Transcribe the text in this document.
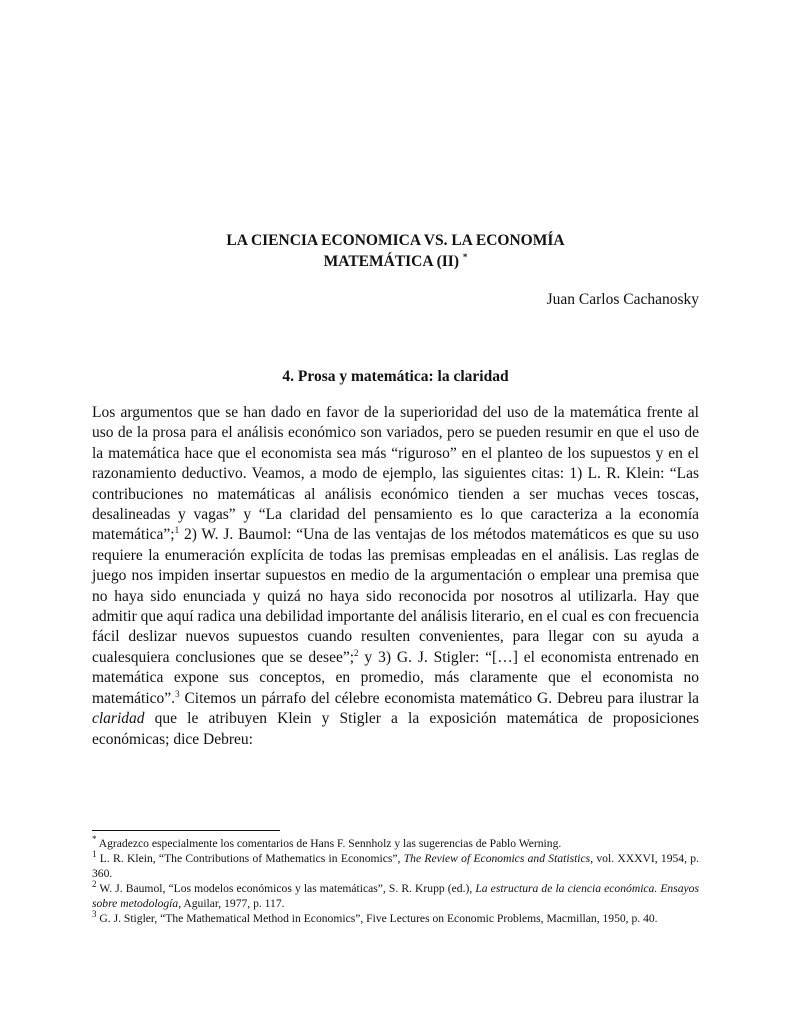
LA CIENCIA ECONOMICA VS. LA ECONOMÍA
MATEMÁTICA (II) *
Juan Carlos Cachanosky
4. Prosa y matemática: la claridad
Los argumentos que se han dado en favor de la superioridad del uso de la matemática frente al uso de la prosa para el análisis económico son variados, pero se pueden resumir en que el uso de la matemática hace que el economista sea más “riguroso” en el planteo de los supuestos y en el razonamiento deductivo. Veamos, a modo de ejemplo, las siguientes citas: 1) L. R. Klein: “Las contribuciones no matemáticas al análisis económico tienden a ser muchas veces toscas, desalineadas y vagas” y “La claridad del pensamiento es lo que caracteriza a la economía matemática”;$^1$ 2) W. J. Baumol: “Una de las ventajas de los métodos matemáticos es que su uso requiere la enumeración explícita de todas las premisas empleadas en el análisis. Las reglas de juego nos impiden insertar supuestos en medio de la argumentación o emplear una premisa que no haya sido enunciada y quizá no haya sido reconocida por nosotros al utilizarla. Hay que admitir que aquí radica una debilidad importante del análisis literario, en el cual es con frecuencia fácil deslizar nuevos supuestos cuando resulten convenientes, para llegar con su ayuda a cualesquiera conclusiones que se desee”;$^2$ y 3) G. J. Stigler: “[…] el economista entrenado en matemática expone sus conceptos, en promedio, más claramente que el economista no matemático”.$^3$ Citemos un párrafo del célebre economista matemático G. Debreu para ilustrar la claridad que le atribuyen Klein y Stigler a la exposición matemática de proposiciones económicas; dice Debreu:

* Agradezco especialmente los comentarios de Hans F. Sennholz y las sugerencias de Pablo Werning.

$^1$ L. R. Klein, “The Contributions of Mathematics in Economics”, The Review of Economics and Statistics, vol. XXXVI, 1954, p. 360.

$^2$ W. J. Baumol, “Los modelos económicos y las matemáticas”, S. R. Krupp (ed.), La estructura de la ciencia económica. Ensayos sobre metodología, Aguilar, 1977, p. 117.

$^3$ G. J. Stigler, “The Mathematical Method in Economics”, Five Lectures on Economic Problems, Macmillan, 1950, p. 40.
